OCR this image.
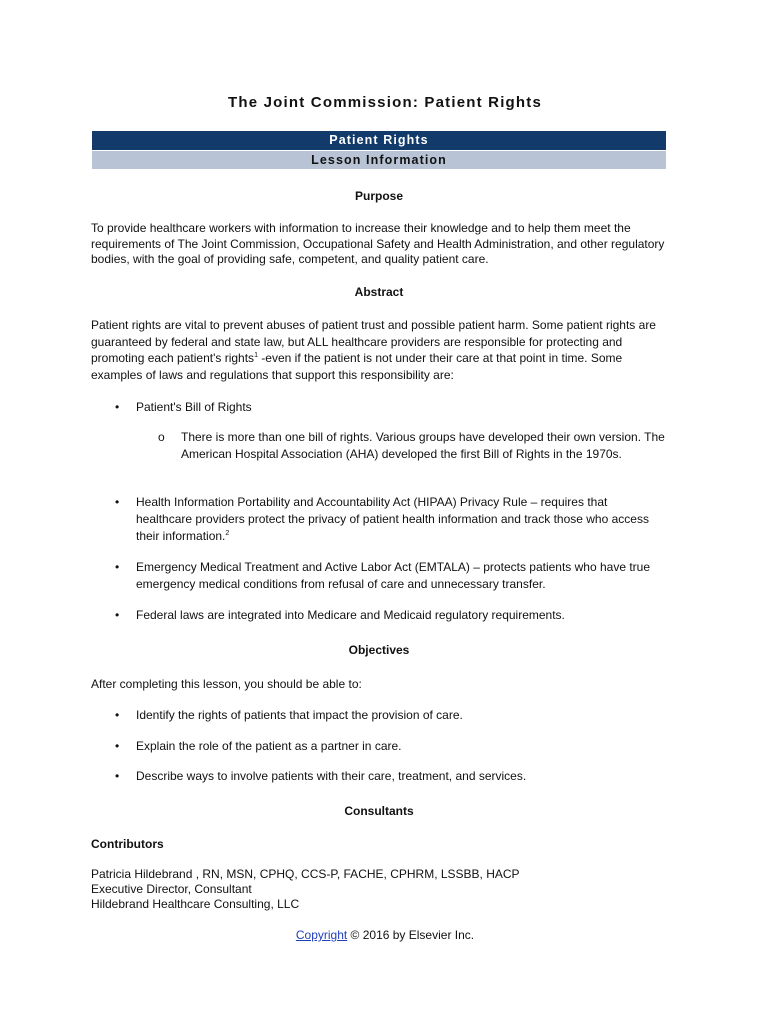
The Joint Commission: Patient Rights
Patient Rights
Lesson Information
Purpose

To provide healthcare workers with information to increase their knowledge and to help them meet the requirements of The Joint Commission, Occupational Safety and Health Administration, and other regulatory bodies, with the goal of providing safe, competent, and quality patient care.

Abstract

Patient rights are vital to prevent abuses of patient trust and possible patient harm. Some patient rights are guaranteed by federal and state law, but ALL healthcare providers are responsible for protecting and promoting each patient's rights$^1$ -even if the patient is not under their care at that point in time. Some examples of laws and regulations that support this responsibility are:

• Patient's Bill of Rights
o There is more than one bill of rights. Various groups have developed their own version. The American Hospital Association (AHA) developed the first Bill of Rights in the 1970s.
• Health Information Portability and Accountability Act (HIPAA) Privacy Rule – requires that healthcare providers protect the privacy of patient health information and track those who access their information.$^2$
• Emergency Medical Treatment and Active Labor Act (EMTALA) – protects patients who have true emergency medical conditions from refusal of care and unnecessary transfer.
• Federal laws are integrated into Medicare and Medicaid regulatory requirements.
Objectives
After completing this lesson, you should be able to:
• Identify the rights of patients that impact the provision of care.
• Explain the role of the patient as a partner in care.
• Describe ways to involve patients with their care, treatment, and services.
Consultants
Contributors
Patricia Hildebrand , RN, MSN, CPHQ, CCS-P, FACHE, CPHRM, LSSBB, HACP
Executive Director, Consultant
Hildebrand Healthcare Consulting, LLC
Copyright © 2016 by Elsevier Inc.
